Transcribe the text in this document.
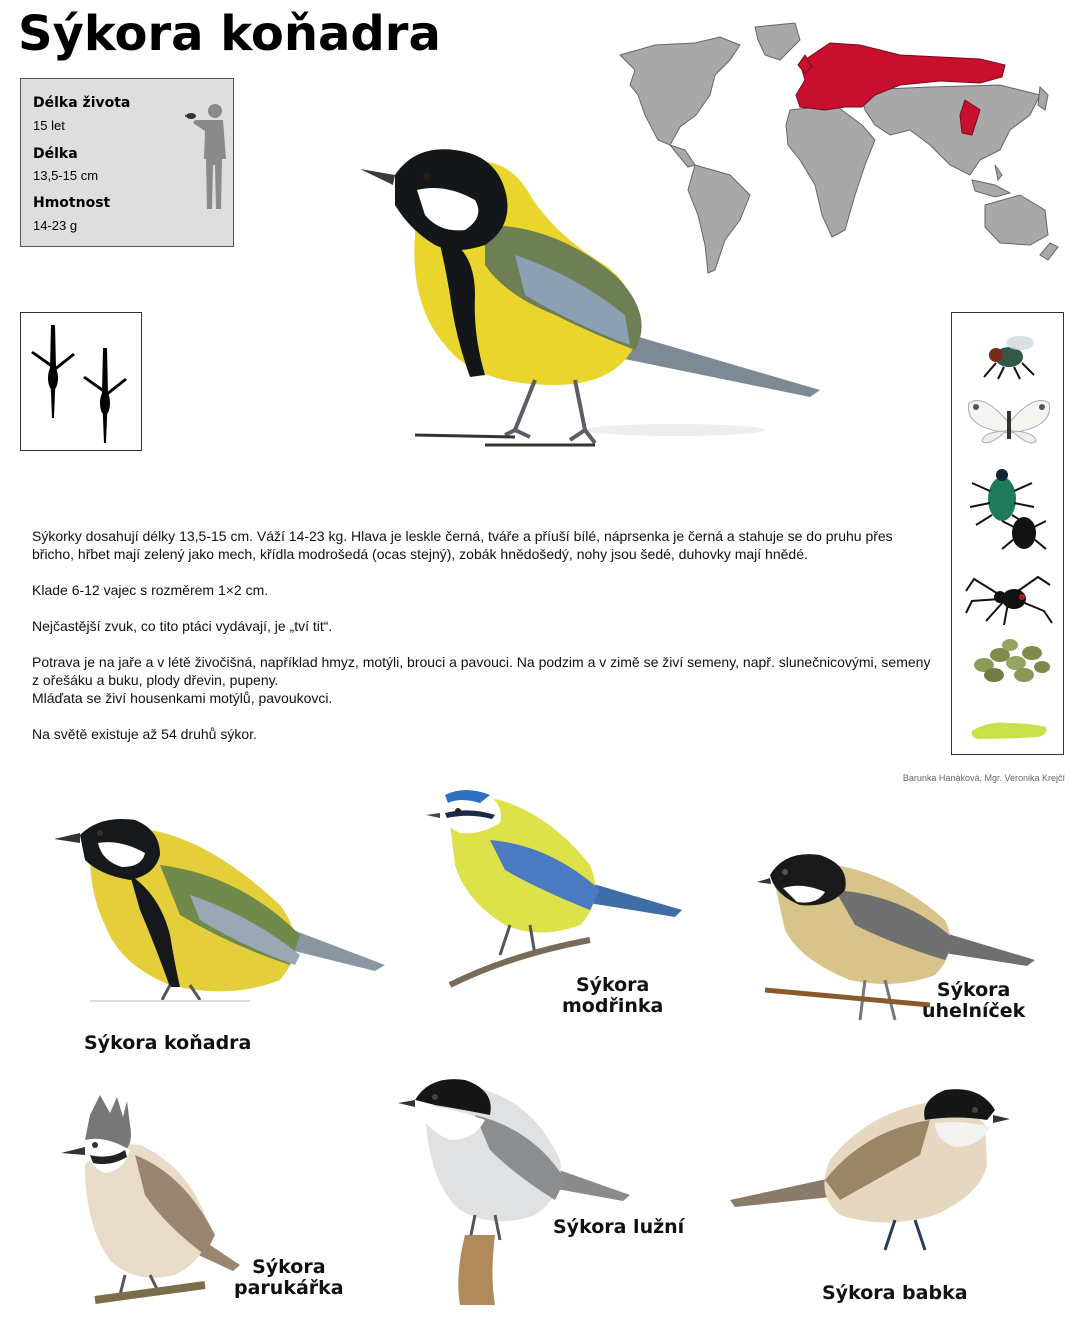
Sýkora koňadra
Délka života
15 let
Délka
13,5-15 cm
Hmotnost
14-23 g

Sýkorky dosahují délky 13,5-15 cm. Váží 14-23 kg. Hlava je leskle černá, tváře a příuší bílé, náprsenka je černá a stahuje se do pruhu přes břicho, hřbet mají zelený jako mech, křídla modrošedá (ocas stejný), zobák hnědošedý, nohy jsou šedé, duhovky mají hnědé.

Klade 6-12 vajec s rozměrem 1×2 cm.

Nejčastější zvuk, co tito ptáci vydávají, je „tví tit“.

Potrava je na jaře a v létě živočišná, například hmyz, motýli, brouci a pavouci. Na podzim a v zimě se živí semeny, např. slunečnicovými, semeny z ořešáku a buku, plody dřevin, pupeny.

Mláďata se živí housenkami motýlů, pavoukovci.

Na světě existuje až 54 druhů sýkor.

Barunka Hanáková, Mgr. Veronika Krejčí
Sýkora koňadra
Sýkora
modřinka
Sýkora
uhelníček
Sýkora
parukářka
Sýkora lužní
Sýkora babka
